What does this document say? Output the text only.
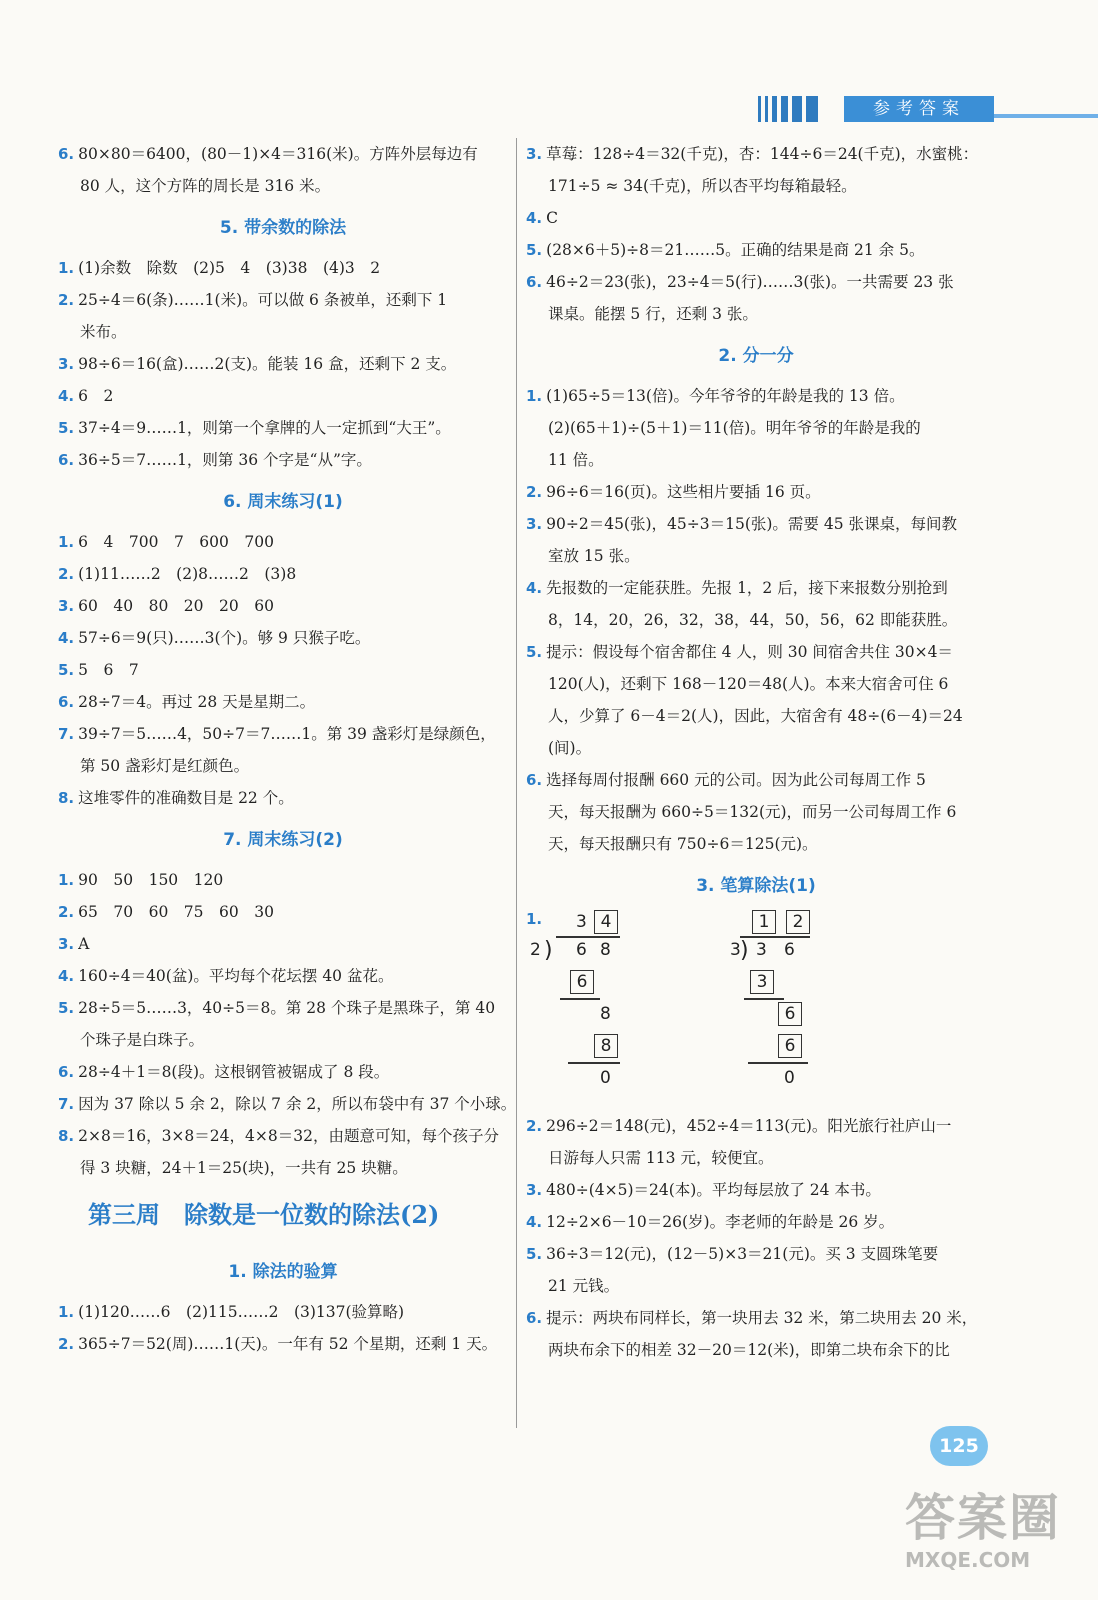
参考答案
6. 80×80＝6400，(80－1)×4＝316(米)。方阵外层每边有
80 人，这个方阵的周长是 316 米。
5. 带余数的除法
1. (1)余数　除数　(2)5　4　(3)38　(4)3　2
2. 25÷4＝6(条)……1(米)。可以做 6 条被单，还剩下 1
米布。
3. 98÷6＝16(盒)……2(支)。能装 16 盒，还剩下 2 支。
4. 6　2
5. 37÷4＝9……1，则第一个拿牌的人一定抓到“大王”。
6. 36÷5＝7……1，则第 36 个字是“从”字。
6. 周末练习(1)
1. 6　4　700　7　600　700
2. (1)11……2　(2)8……2　(3)8
3. 60　40　80　20　20　60
4. 57÷6＝9(只)……3(个)。够 9 只猴子吃。
5. 5　6　7
6. 28÷7＝4。再过 28 天是星期二。
7. 39÷7＝5……4，50÷7＝7……1。第 39 盏彩灯是绿颜色，
第 50 盏彩灯是红颜色。
8. 这堆零件的准确数目是 22 个。
7. 周末练习(2)
1. 90　50　150　120
2. 65　70　60　75　60　30
3. A
4. 160÷4＝40(盆)。平均每个花坛摆 40 盆花。
5. 28÷5＝5……3，40÷5＝8。第 28 个珠子是黑珠子，第 40
个珠子是白珠子。
6. 28÷4＋1＝8(段)。这根钢管被锯成了 8 段。
7. 因为 37 除以 5 余 2，除以 7 余 2，所以布袋中有 37 个小球。
8. 2×8＝16，3×8＝24，4×8＝32，由题意可知，每个孩子分
得 3 块糖，24＋1＝25(块)，一共有 25 块糖。
第三周　除数是一位数的除法(2)
1. 除法的验算
1. (1)120……6　(2)115……2　(3)137(验算略)
2. 365÷7＝52(周)……1(天)。一年有 52 个星期，还剩 1 天。
3. 草莓：128÷4＝32(千克)，杏：144÷6＝24(千克)，水蜜桃：
171÷5 ≈ 34(千克)，所以杏平均每箱最轻。
4. C
5. (28×6＋5)÷8＝21……5。正确的结果是商 21 余 5。
6. 46÷2＝23(张)，23÷4＝5(行)……3(张)。一共需要 23 张
课桌。能摆 5 行，还剩 3 张。
2. 分一分
1. (1)65÷5＝13(倍)。今年爷爷的年龄是我的 13 倍。
(2)(65＋1)÷(5＋1)＝11(倍)。明年爷爷的年龄是我的
11 倍。
2. 96÷6＝16(页)。这些相片要插 16 页。
3. 90÷2＝45(张)，45÷3＝15(张)。需要 45 张课桌，每间教
室放 15 张。
4. 先报数的一定能获胜。先报 1，2 后，接下来报数分别抢到
8，14，20，26，32，38，44，50，56，62 即能获胜。
5. 提示：假设每个宿舍都住 4 人，则 30 间宿舍共住 30×4＝
120(人)，还剩下 168－120＝48(人)。本来大宿舍可住 6
人，少算了 6－4＝2(人)，因此，大宿舍有 48÷(6－4)＝24
(间)。
6. 选择每周付报酬 660 元的公司。因为此公司每周工作 5
天，每天报酬为 660÷5＝132(元)，而另一公司每周工作 6
天，每天报酬只有 750÷6＝125(元)。
3. 笔算除法(1)
1. 3 4
2 ) 6 8
6
8
8
0
1	2
3 ) 3 6
3
6
6
0
2. 296÷2＝148(元)，452÷4＝113(元)。阳光旅行社庐山一
日游每人只需 113 元，较便宜。
3. 480÷(4×5)＝24(本)。平均每层放了 24 本书。
4. 12÷2×6－10＝26(岁)。李老师的年龄是 26 岁。
5. 36÷3＝12(元)，(12－5)×3＝21(元)。买 3 支圆珠笔要
21 元钱。
6. 提示：两块布同样长，第一块用去 32 米，第二块用去 20 米，
两块布余下的相差 32－20＝12(米)，即第二块布余下的比
125
答案圈
MXQE.COM
